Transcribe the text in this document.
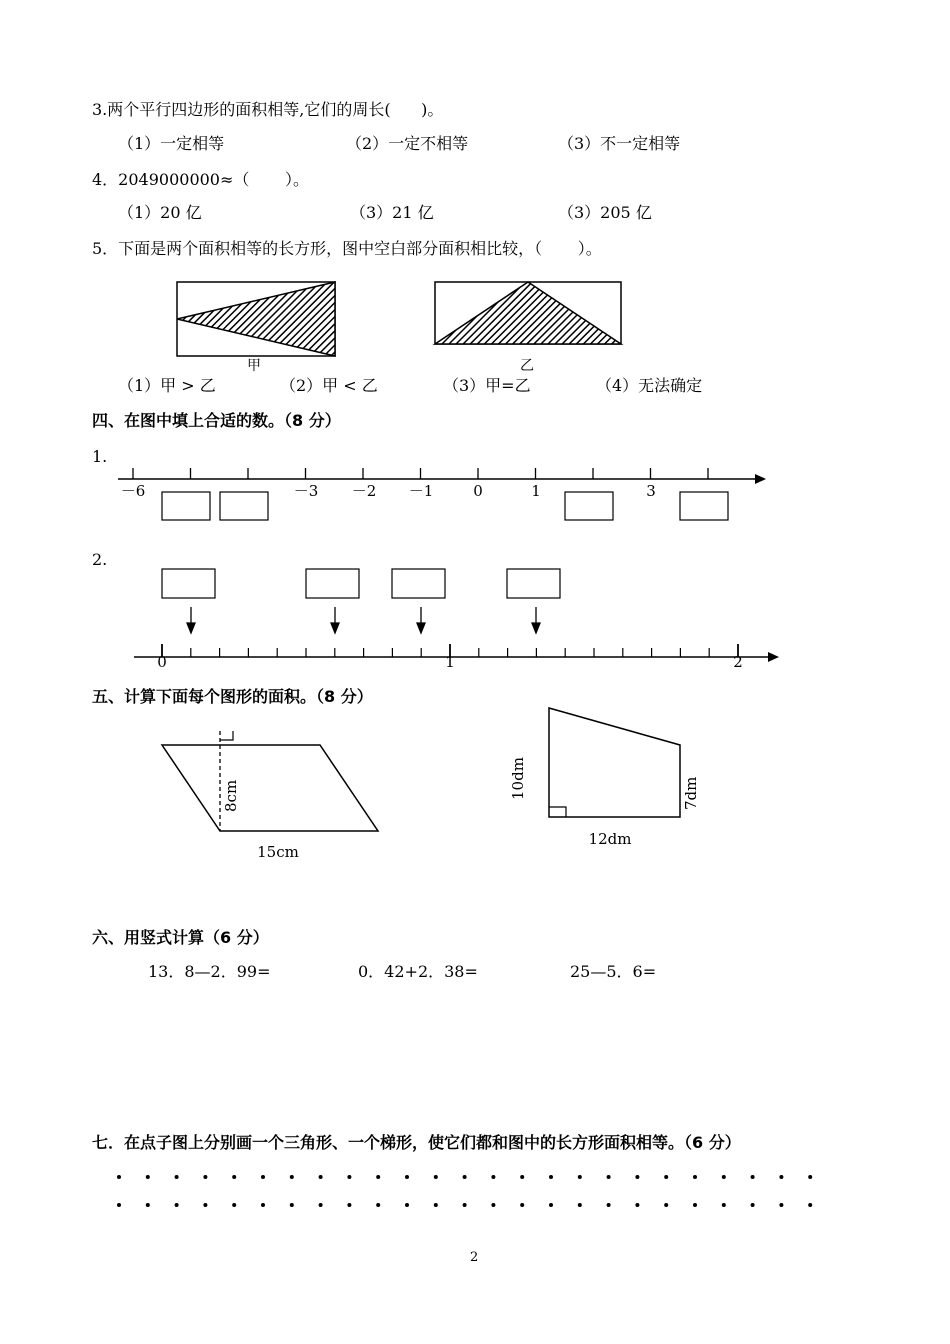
3.两个平行四边形的面积相等,它们的周长(      )。
（1）一定相等	（2）一定不相等	（3）不一定相等
4．2049000000≈（       ）。
（1）20 亿	（3）21 亿	（3）205 亿
5．下面是两个面积相等的长方形，图中空白部分面积相比较，（       ）。
甲	乙
（1）甲 > 乙	（2）甲 < 乙	（3）甲=乙	（4）无法确定
四、在图中填上合适的数。（8 分）
1.
－6	－3 －2 －1	0	1	3
2.
0	1	2
五、计算下面每个图形的面积。（8 分）
8cm
15cm
10dm	7dm
12dm
六、用竖式计算（6 分）
13．8—2．99=	0．42+2．38=	25—5．6=
七．在点子图上分别画一个三角形、一个梯形，使它们都和图中的长方形面积相等。（6 分）
2
